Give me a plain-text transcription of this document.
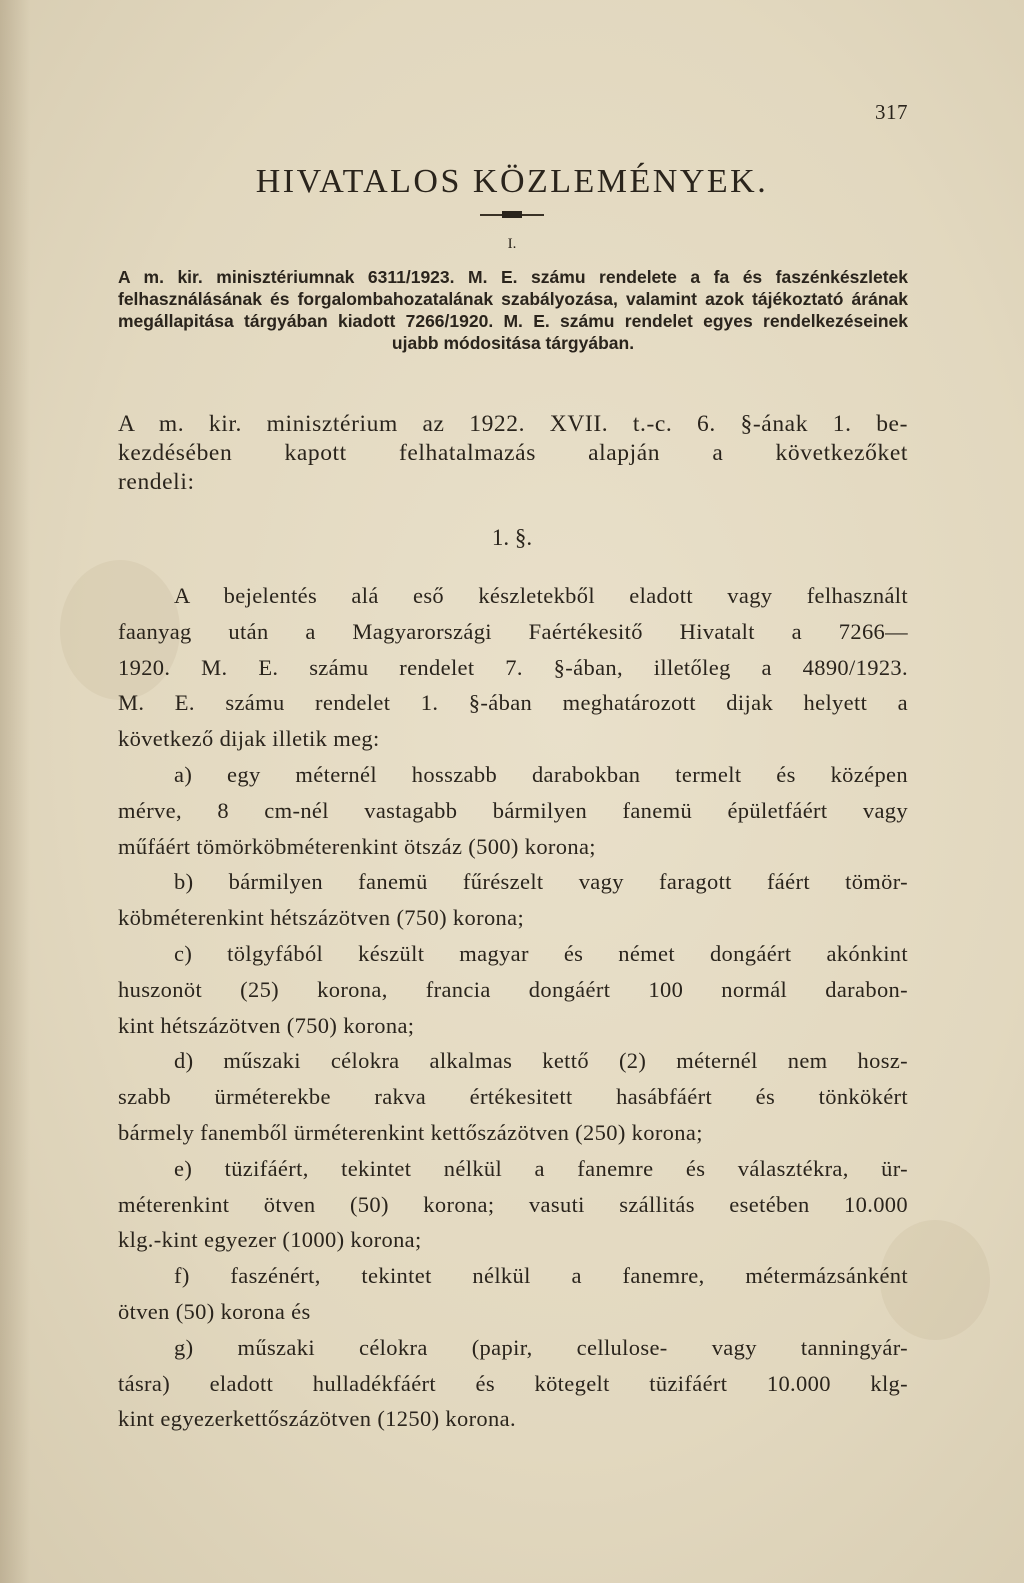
317
HIVATALOS KÖZLEMÉNYEK.
I.
A m. kir. minisztériumnak 6311/1923. M. E. számu rendelete a fa és faszénkészletek felhasználásának és forgalombahozatalának szabályozása, valamint azok tájékoztató árának megállapitása tárgyában kiadott 7266/1920. M. E. számu rendelet egyes rendelkezéseinek ujabb módositása tárgyában.
A m. kir. minisztérium az 1922. XVII. t.-c. 6. §-ának 1. be-
kezdésében kapott felhatalmazás alapján a következőket
rendeli:
1. §.
A bejelentés alá eső készletekből eladott vagy felhasznált
faanyag után a Magyarországi Faértékesitő Hivatalt a 7266—
1920. M. E. számu rendelet 7. §-ában, illetőleg a 4890/1923.
M. E. számu rendelet 1. §-ában meghatározott dijak helyett a
következő dijak illetik meg:
a) egy méternél hosszabb darabokban termelt és középen
mérve, 8 cm-nél vastagabb bármilyen fanemü épületfáért vagy
műfáért tömörköbméterenkint ötszáz (500) korona;
b) bármilyen fanemü fűrészelt vagy faragott fáért tömör-
köbméterenkint hétszázötven (750) korona;
c) tölgyfából készült magyar és német dongáért akónkint
huszonöt (25) korona, francia dongáért 100 normál darabon-
kint hétszázötven (750) korona;
d) műszaki célokra alkalmas kettő (2) méternél nem hosz-
szabb ürméterekbe rakva értékesitett hasábfáért és tönkökért
bármely fanemből ürméterenkint kettőszázötven (250) korona;
e) tüzifáért, tekintet nélkül a fanemre és választékra, ür-
méterenkint ötven (50) korona; vasuti szállitás esetében 10.000
klg.-kint egyezer (1000) korona;
f) faszénért, tekintet nélkül a fanemre, métermázsánként
ötven (50) korona és
g) műszaki célokra (papir, cellulose- vagy tanningyár-
tásra) eladott hulladékfáért és kötegelt tüzifáért 10.000 klg-
kint egyezerkettőszázötven (1250) korona.
